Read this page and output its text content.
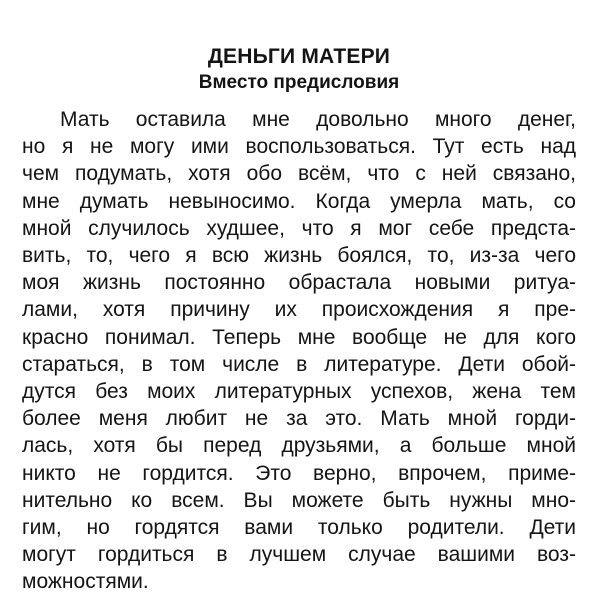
ДЕНЬГИ МАТЕРИ
Вместо предисловия
Мать оставила мне довольно много денег,
но я не могу ими воспользоваться. Тут есть над
чем подумать, хотя обо всём, что с ней связано,
мне думать невыносимо. Когда умерла мать, со
мной случилось худшее, что я мог себе предста-
вить, то, чего я всю жизнь боялся, то, из-за чего
моя жизнь постоянно обрастала новыми ритуа-
лами, хотя причину их происхождения я пре-
красно понимал. Теперь мне вообще не для кого
стараться, в том числе в литературе. Дети обой-
дутся без моих литературных успехов, жена тем
более меня любит не за это. Мать мной горди-
лась, хотя бы перед друзьями, а больше мной
никто не гордится. Это верно, впрочем, приме-
нительно ко всем. Вы можете быть нужны мно-
гим, но гордятся вами только родители. Дети
могут гордиться в лучшем случае вашими воз-
можностями.
